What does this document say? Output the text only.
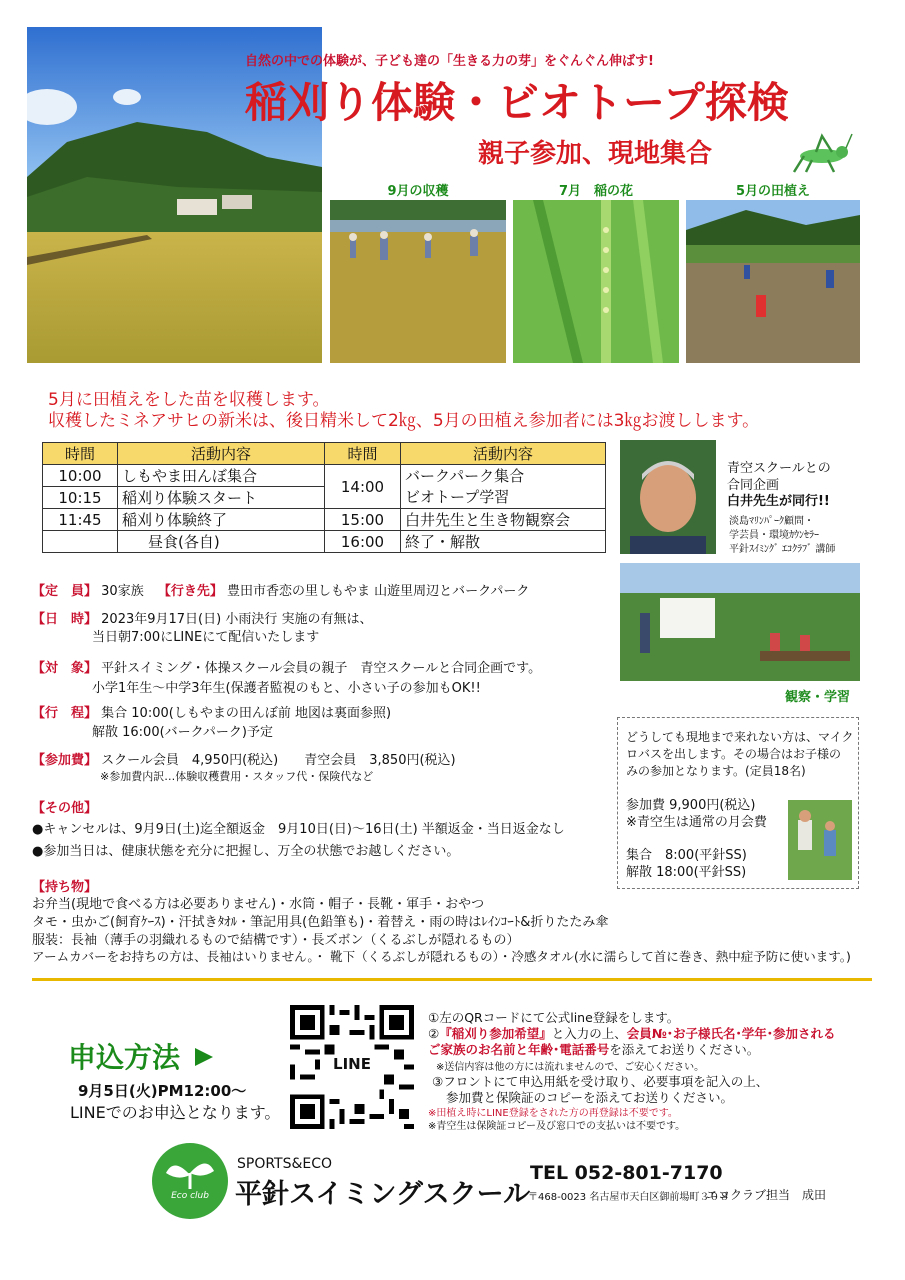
自然の中での体験が、子ども達の「生きる力の芽」をぐんぐん伸ばす!
稲刈り体験・ビオトープ探検
親子参加、現地集合
9月の収穫	7月　稲の花	5月の田植え
5月に田植えをした苗を収穫します。
収穫したミネアサヒの新米は、後日精米して2㎏、5月の田植え参加者には3㎏お渡しします。
時間	活動内容	時間	活動内容
10:00	しもやま田んぼ集合	14:00	バークパーク集合
ビオトープ学習

10:15	稲刈り体験スタート		
11:45	稲刈り体験終了	15:00	白井先生と生き物観察会
	昼食(各自)	16:00	終了・解散
青空スクールとの
合同企画
白井先生が同行!!
淡島ﾏﾘﾝﾊﾟｰｸ顧問・
学芸員・環境ｶｳﾝｾﾗｰ
平針ｽｲﾐﾝｸﾞ ｴｺｸﾗﾌﾞ 講師
観察・学習
【定　員】 30家族 【行き先】 豊田市香恋の里しもやま 山遊里周辺とバークパーク
【日　時】 2023年9月17日(日) 小雨決行 実施の有無は、
当日朝7:00にLINEにて配信いたします
【対　象】 平針スイミング・体操スクール会員の親子　青空スクールと合同企画です。
小学1年生～中学3年生(保護者監視のもと、小さい子の参加もOK!!
【行　程】 集合 10:00(しもやまの田んぼ前 地図は裏面参照)
解散 16:00(バークパーク)予定
【参加費】 スクール会員　4,950円(税込)　　青空会員　3,850円(税込)
※参加費内訳…体験収穫費用・スタッフ代・保険代など
【その他】
●キャンセルは、9月9日(土)迄全額返金　9月10日(日)～16日(土) 半額返金・当日返金なし
●参加当日は、健康状態を充分に把握し、万全の状態でお越しください。
【持ち物】
お弁当(現地で食べる方は必要ありません)・水筒・帽子・長靴・軍手・おやつ
タモ・虫かご(飼育ｹｰｽ)・汗拭きﾀｵﾙ・筆記用具(色鉛筆も)・着替え・雨の時はﾚｲﾝｺｰﾄ&折りたたみ傘
服装：長袖（薄手の羽織れるもので結構です）・長ズボン（くるぶしが隠れるもの）
アームカバーをお持ちの方は、長袖はいりません。・ 靴下（くるぶしが隠れるもの）・冷感タオル(水に濡らして首に巻き、熱中症予防に使います。)
どうしても現地まで来れない方は、マイク
ロバスを出します。その場合はお子様の
みの参加となります。(定員18名)
参加費 9,900円(税込)
※青空生は通常の月会費
集合　8:00(平針SS)
解散 18:00(平針SS)
申込方法
9月5日(火)PM12:00～
LINEでのお申込となります。
LINE
①左のQRコードにて公式line登録をします。
②『稲刈り参加希望』と入力の上、会員№･お子様氏名･学年･参加される
ご家族のお名前と年齢･電話番号を添えてお送りください。
※送信内容は他の方には流れませんので、ご安心ください。
③フロントにて申込用紙を受け取り、必要事項を記入の上、
参加費と保険証のコピーを添えてお送りください。
※田植え時にLINE登録をされた方の再登録は不要です。
※青空生は保険証コピー及び窓口での支払いは不要です。
Eco club
SPORTS&ECO
平針スイミングスクール
TEL 052-801-7170
〒468-0023 名古屋市天白区御前場町３０８
エコクラブ担当　成田
